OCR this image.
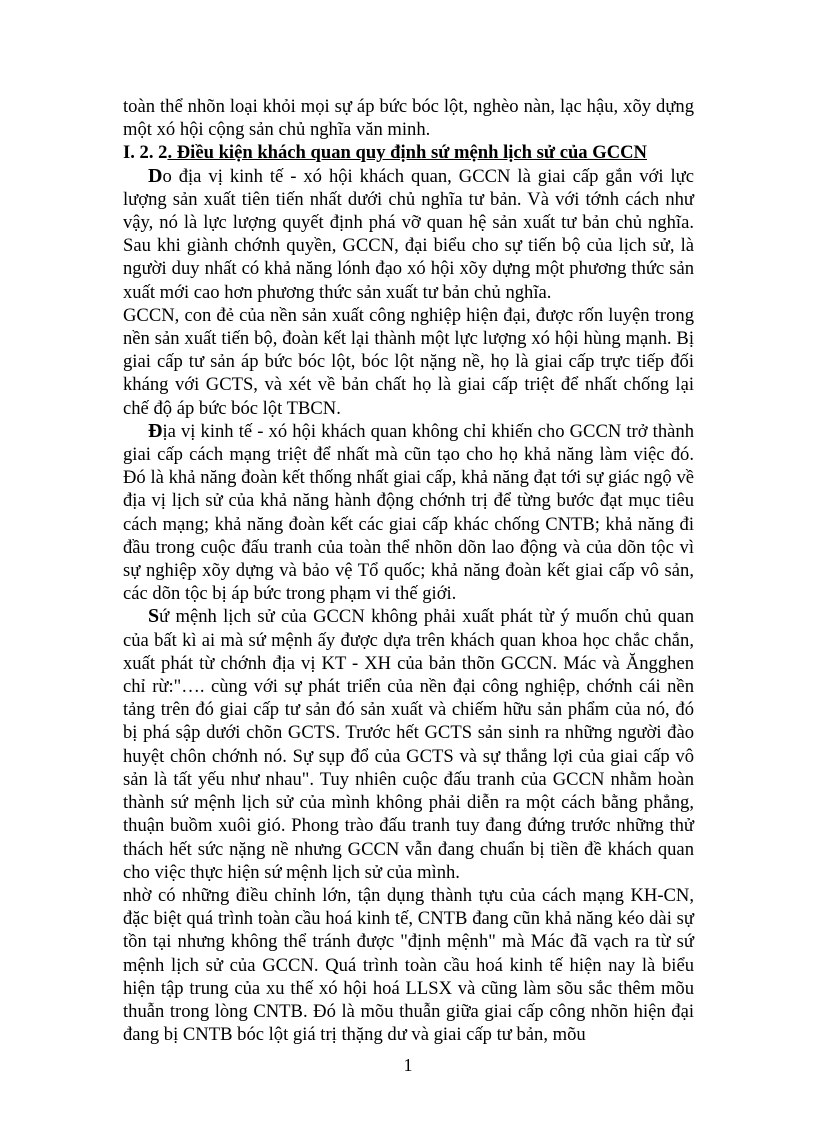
toàn thể nhõn loại khỏi mọi sự áp bức bóc lột, nghèo nàn, lạc hậu, xõy dựng một xó hội cộng sản chủ nghĩa văn minh.

I. 2. 2. Điều kiện khách quan quy định sứ mệnh lịch sử của GCCN

Do địa vị kinh tế - xó hội khách quan, GCCN là giai cấp gắn với lực lượng sản xuất tiên tiến nhất dưới chủ nghĩa tư bản. Và với tớnh cách như vậy, nó là lực lượng quyết định phá vỡ quan hệ sản xuất tư bản chủ nghĩa. Sau khi giành chớnh quyền, GCCN, đại biểu cho sự tiến bộ của lịch sử, là người duy nhất có khả năng lónh đạo xó hội xõy dựng một phương thức sản xuất mới cao hơn phương thức sản xuất tư bản chủ nghĩa.

GCCN, con đẻ của nền sản xuất công nghiệp hiện đại, được rốn luyện trong nền sản xuất tiến bộ, đoàn kết lại thành một lực lượng xó hội hùng mạnh. Bị giai cấp tư sản áp bức bóc lột, bóc lột nặng nề, họ là giai cấp trực tiếp đối kháng với GCTS, và xét về bản chất họ là giai cấp triệt để nhất chống lại chế độ áp bức bóc lột TBCN.

Địa vị kinh tế - xó hội khách quan không chỉ khiến cho GCCN trở thành giai cấp cách mạng triệt để nhất mà cũn tạo cho họ khả năng làm việc đó. Đó là khả năng đoàn kết thống nhất giai cấp, khả năng đạt tới sự giác ngộ về địa vị lịch sử của khả năng hành động chớnh trị để từng bước đạt mục tiêu cách mạng; khả năng đoàn kết các giai cấp khác chống CNTB; khả năng đi đầu trong cuộc đấu tranh của toàn thể nhõn dõn lao động và của dõn tộc vì sự nghiệp xõy dựng và bảo vệ Tổ quốc; khả năng đoàn kết giai cấp vô sản, các dõn tộc bị áp bức trong phạm vi thế giới.

Sứ mệnh lịch sử của GCCN không phải xuất phát từ ý muốn chủ quan của bất kì ai mà sứ mệnh ấy được dựa trên khách quan khoa học chắc chắn, xuất phát từ chớnh địa vị KT - XH của bản thõn GCCN. Mác và Ăngghen chỉ rừ:"…. cùng với sự phát triển của nền đại công nghiệp, chớnh cái nền tảng trên đó giai cấp tư sản đó sản xuất và chiếm hữu sản phẩm của nó, đó bị phá sập dưới chõn GCTS. Trước hết GCTS sản sinh ra những người đào huyệt chôn chớnh nó. Sự sụp đổ của GCTS và sự thắng lợi của giai cấp vô sản là tất yếu như nhau". Tuy nhiên cuộc đấu tranh của GCCN nhằm hoàn thành sứ mệnh lịch sử của mình không phải diễn ra một cách bằng phẳng, thuận buồm xuôi gió. Phong trào đấu tranh tuy đang đứng trước những thử thách hết sức nặng nề nhưng GCCN vẫn đang chuẩn bị tiền đề khách quan cho việc thực hiện sứ mệnh lịch sử của mình.

nhờ có những điều chỉnh lớn, tận dụng thành tựu của cách mạng KH-CN, đặc biệt quá trình toàn cầu hoá kinh tế, CNTB đang cũn khả năng kéo dài sự tồn tại nhưng không thể tránh được "định mệnh" mà Mác đã vạch ra từ sứ mệnh lịch sử của GCCN. Quá trình toàn cầu hoá kinh tế hiện nay là biểu hiện tập trung của xu thế xó hội hoá LLSX và cũng làm sõu sắc thêm mõu thuẫn trong lòng CNTB. Đó là mõu thuẫn giữa giai cấp công nhõn hiện đại đang bị CNTB bóc lột giá trị thặng dư và giai cấp tư bản, mõu

1
